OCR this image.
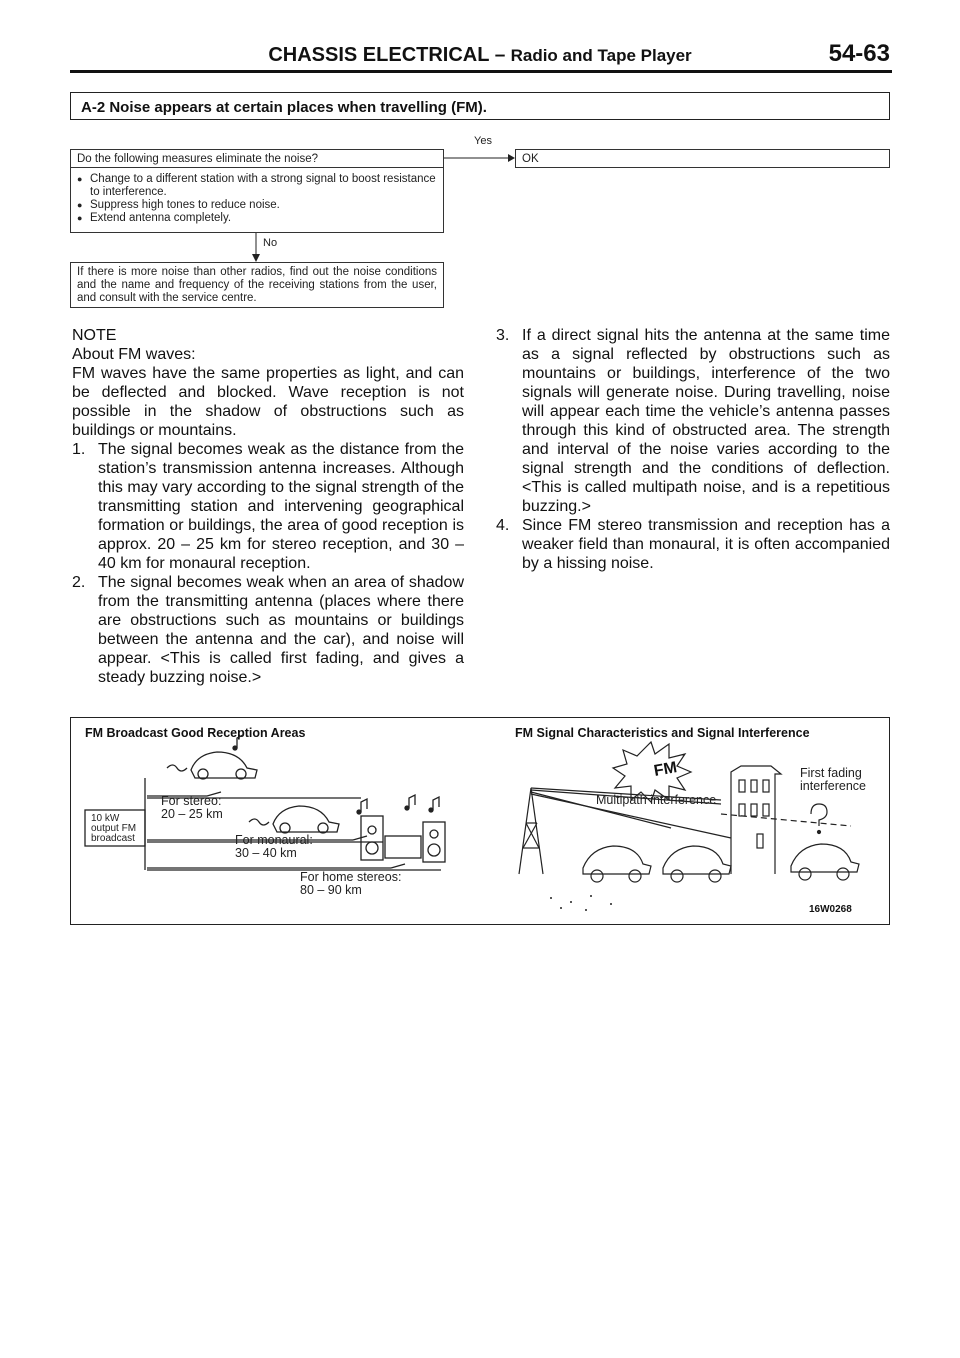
CHASSIS ELECTRICAL – Radio and Tape Player	54-63
A-2 Noise appears at certain places when travelling (FM).
Do the following measures eliminate the noise?
● Change to a different station with a strong signal to boost resistance to interference.
● Suppress high tones to reduce noise.
● Extend antenna completely.
Yes
OK
No
If there is more noise than other radios, find out the noise conditions and the name and frequency of the receiving stations from the user, and consult with the service centre.

NOTE

About FM waves:

FM waves have the same properties as light, and can be deflected and blocked. Wave reception is not possible in the shadow of obstructions such as buildings or mountains.

1. The signal becomes weak as the distance from the station’s transmission antenna increases. Although this may vary according to the signal strength of the transmitting station and intervening geographical formation or buildings, the area of good reception is approx. 20 – 25 km for stereo reception, and 30 – 40 km for monaural reception.
2. The signal becomes weak when an area of shadow from the transmitting antenna (places where there are obstructions such as mountains or buildings between the antenna and the car), and noise will appear. <This is called first fading, and gives a steady buzzing noise.>
3. If a direct signal hits the antenna at the same time as a signal reflected by obstructions such as mountains or buildings, interference of the two signals will generate noise. During travelling, noise will appear each time the vehicle’s antenna passes through this kind of obstructed area. The strength and interval of the noise varies according to the signal strength and the conditions of deflection. <This is called multipath noise, and is a repetitious buzzing.>
4. Since FM stereo transmission and reception has a weaker field than monaural, it is often accompanied by a hissing noise.
FM Broadcast Good Reception Areas	FM Signal Characteristics and Signal Interference
10 kW
output FM
broadcast
For stereo:
20 – 25 km
For monaural:
30 – 40 km
For home stereos:
80 – 90 km
FM
Multipath interference
First fading
interference
16W0268
